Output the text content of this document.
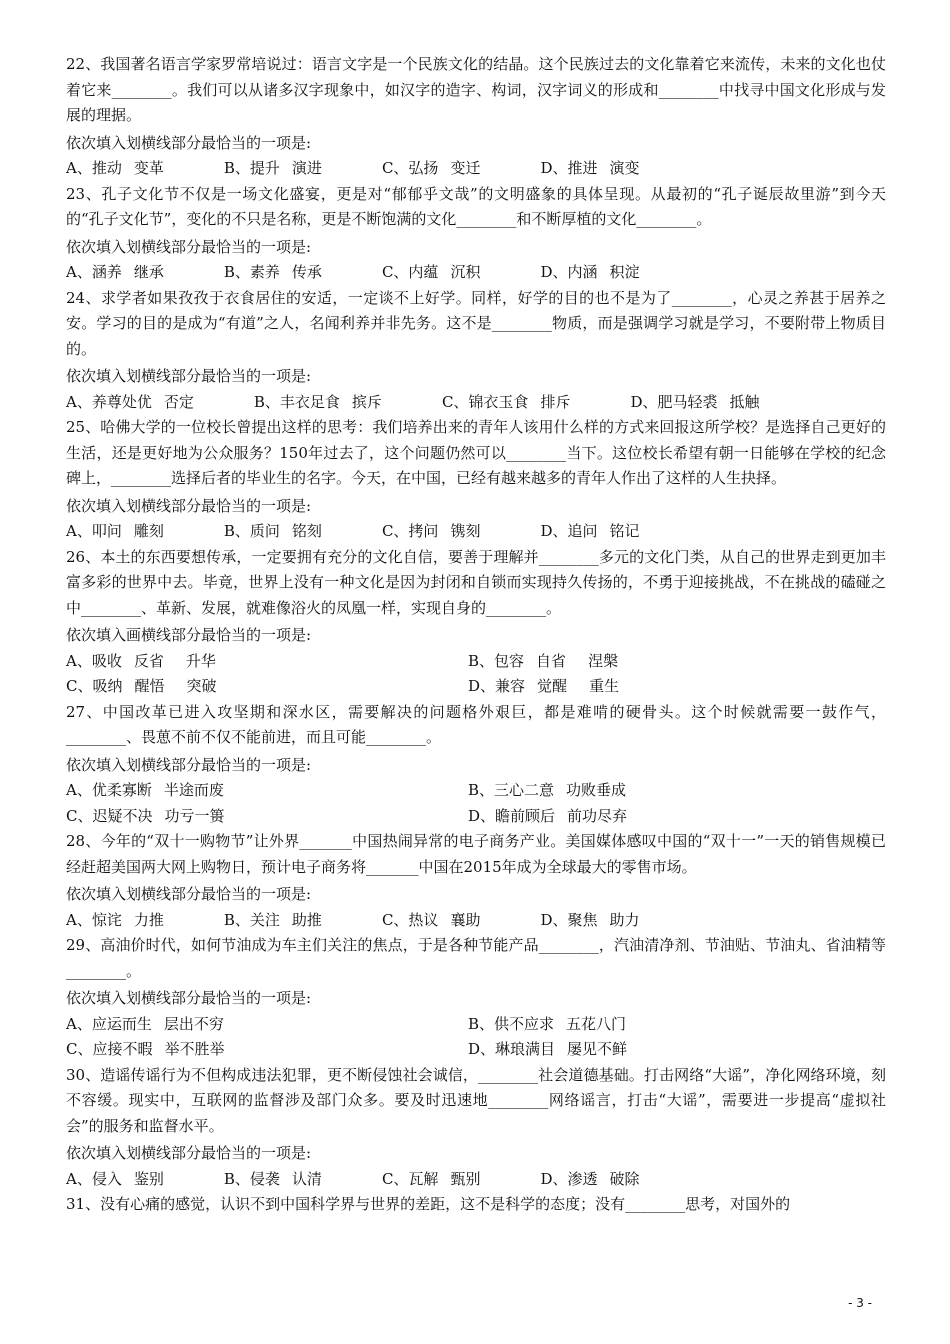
22、我国著名语言学家罗常培说过：语言文字是一个民族文化的结晶。这个民族过去的文化靠着它来流传，未来的文化也仗着它来________。我们可以从诸多汉字现象中，如汉字的造字、构词，汉字词义的形成和________中找寻中国文化形成与发展的理据。

依次填入划横线部分最恰当的一项是:

A、推动 变革	B、提升 演进	C、弘扬 变迁	D、推进 演变

23、孔子文化节不仅是一场文化盛宴，更是对“郁郁乎文哉”的文明盛象的具体呈现。从最初的“孔子诞辰故里游”到今天的“孔子文化节”，变化的不只是名称，更是不断饱满的文化________和不断厚植的文化________。

依次填入划横线部分最恰当的一项是:

A、涵养 继承	B、素养 传承	C、内蕴 沉积	D、内涵 积淀

24、求学者如果孜孜于衣食居住的安适，一定谈不上好学。同样，好学的目的也不是为了________，心灵之养甚于居养之安。学习的目的是成为“有道”之人，名闻利养并非先务。这不是________物质，而是强调学习就是学习，不要附带上物质目的。

依次填入划横线部分最恰当的一项是:

A、养尊处优 否定	B、丰衣足食 摈斥	C、锦衣玉食 排斥	D、肥马轻裘 抵触

25、哈佛大学的一位校长曾提出这样的思考：我们培养出来的青年人该用什么样的方式来回报这所学校？是选择自己更好的生活，还是更好地为公众服务？150年过去了，这个问题仍然可以________当下。这位校长希望有朝一日能够在学校的纪念碑上，________选择后者的毕业生的名字。今天，在中国，已经有越来越多的青年人作出了这样的人生抉择。

依次填入划横线部分最恰当的一项是:

A、叩问 雕刻	B、质问 铭刻	C、拷问 镌刻	D、追问 铭记

26、本土的东西要想传承，一定要拥有充分的文化自信，要善于理解并________多元的文化门类，从自己的世界走到更加丰富多彩的世界中去。毕竟，世界上没有一种文化是因为封闭和自锁而实现持久传扬的，不勇于迎接挑战，不在挑战的磕碰之中________、革新、发展，就难像浴火的凤凰一样，实现自身的________。

依次填入画横线部分最恰当的一项是:

A、吸收 反省 升华	B、包容 自省 涅槃
C、吸纳 醒悟 突破	D、兼容 觉醒 重生

27、中国改革已进入攻坚期和深水区，需要解决的问题格外艰巨，都是难啃的硬骨头。这个时候就需要一鼓作气，________、畏葸不前不仅不能前进，而且可能________。

依次填入划横线部分最恰当的一项是:

A、优柔寡断 半途而废	B、三心二意 功败垂成
C、迟疑不决 功亏一篑	D、瞻前顾后 前功尽弃

28、今年的“双十一购物节”让外界_______中国热闹异常的电子商务产业。美国媒体感叹中国的“双十一”一天的销售规模已经赶超美国两大网上购物日，预计电子商务将_______中国在2015年成为全球最大的零售市场。

依次填入划横线部分最恰当的一项是:

A、惊诧 力推	B、关注 助推	C、热议 襄助	D、聚焦 助力

29、高油价时代，如何节油成为车主们关注的焦点，于是各种节能产品________，汽油清净剂、节油贴、节油丸、省油精等________。

依次填入划横线部分最恰当的一项是:

A、应运而生 层出不穷	B、供不应求 五花八门
C、应接不暇 举不胜举	D、琳琅满目 屡见不鲜

30、造谣传谣行为不但构成违法犯罪，更不断侵蚀社会诚信，________社会道德基础。打击网络“大谣”，净化网络环境，刻不容缓。现实中，互联网的监督涉及部门众多。要及时迅速地________网络谣言，打击“大谣”，需要进一步提高“虚拟社会”的服务和监督水平。

依次填入划横线部分最恰当的一项是:

A、侵入 鉴别	B、侵袭 认清	C、瓦解 甄别	D、渗透 破除

31、没有心痛的感觉，认识不到中国科学界与世界的差距，这不是科学的态度；没有________思考，对国外的

- 3 -
